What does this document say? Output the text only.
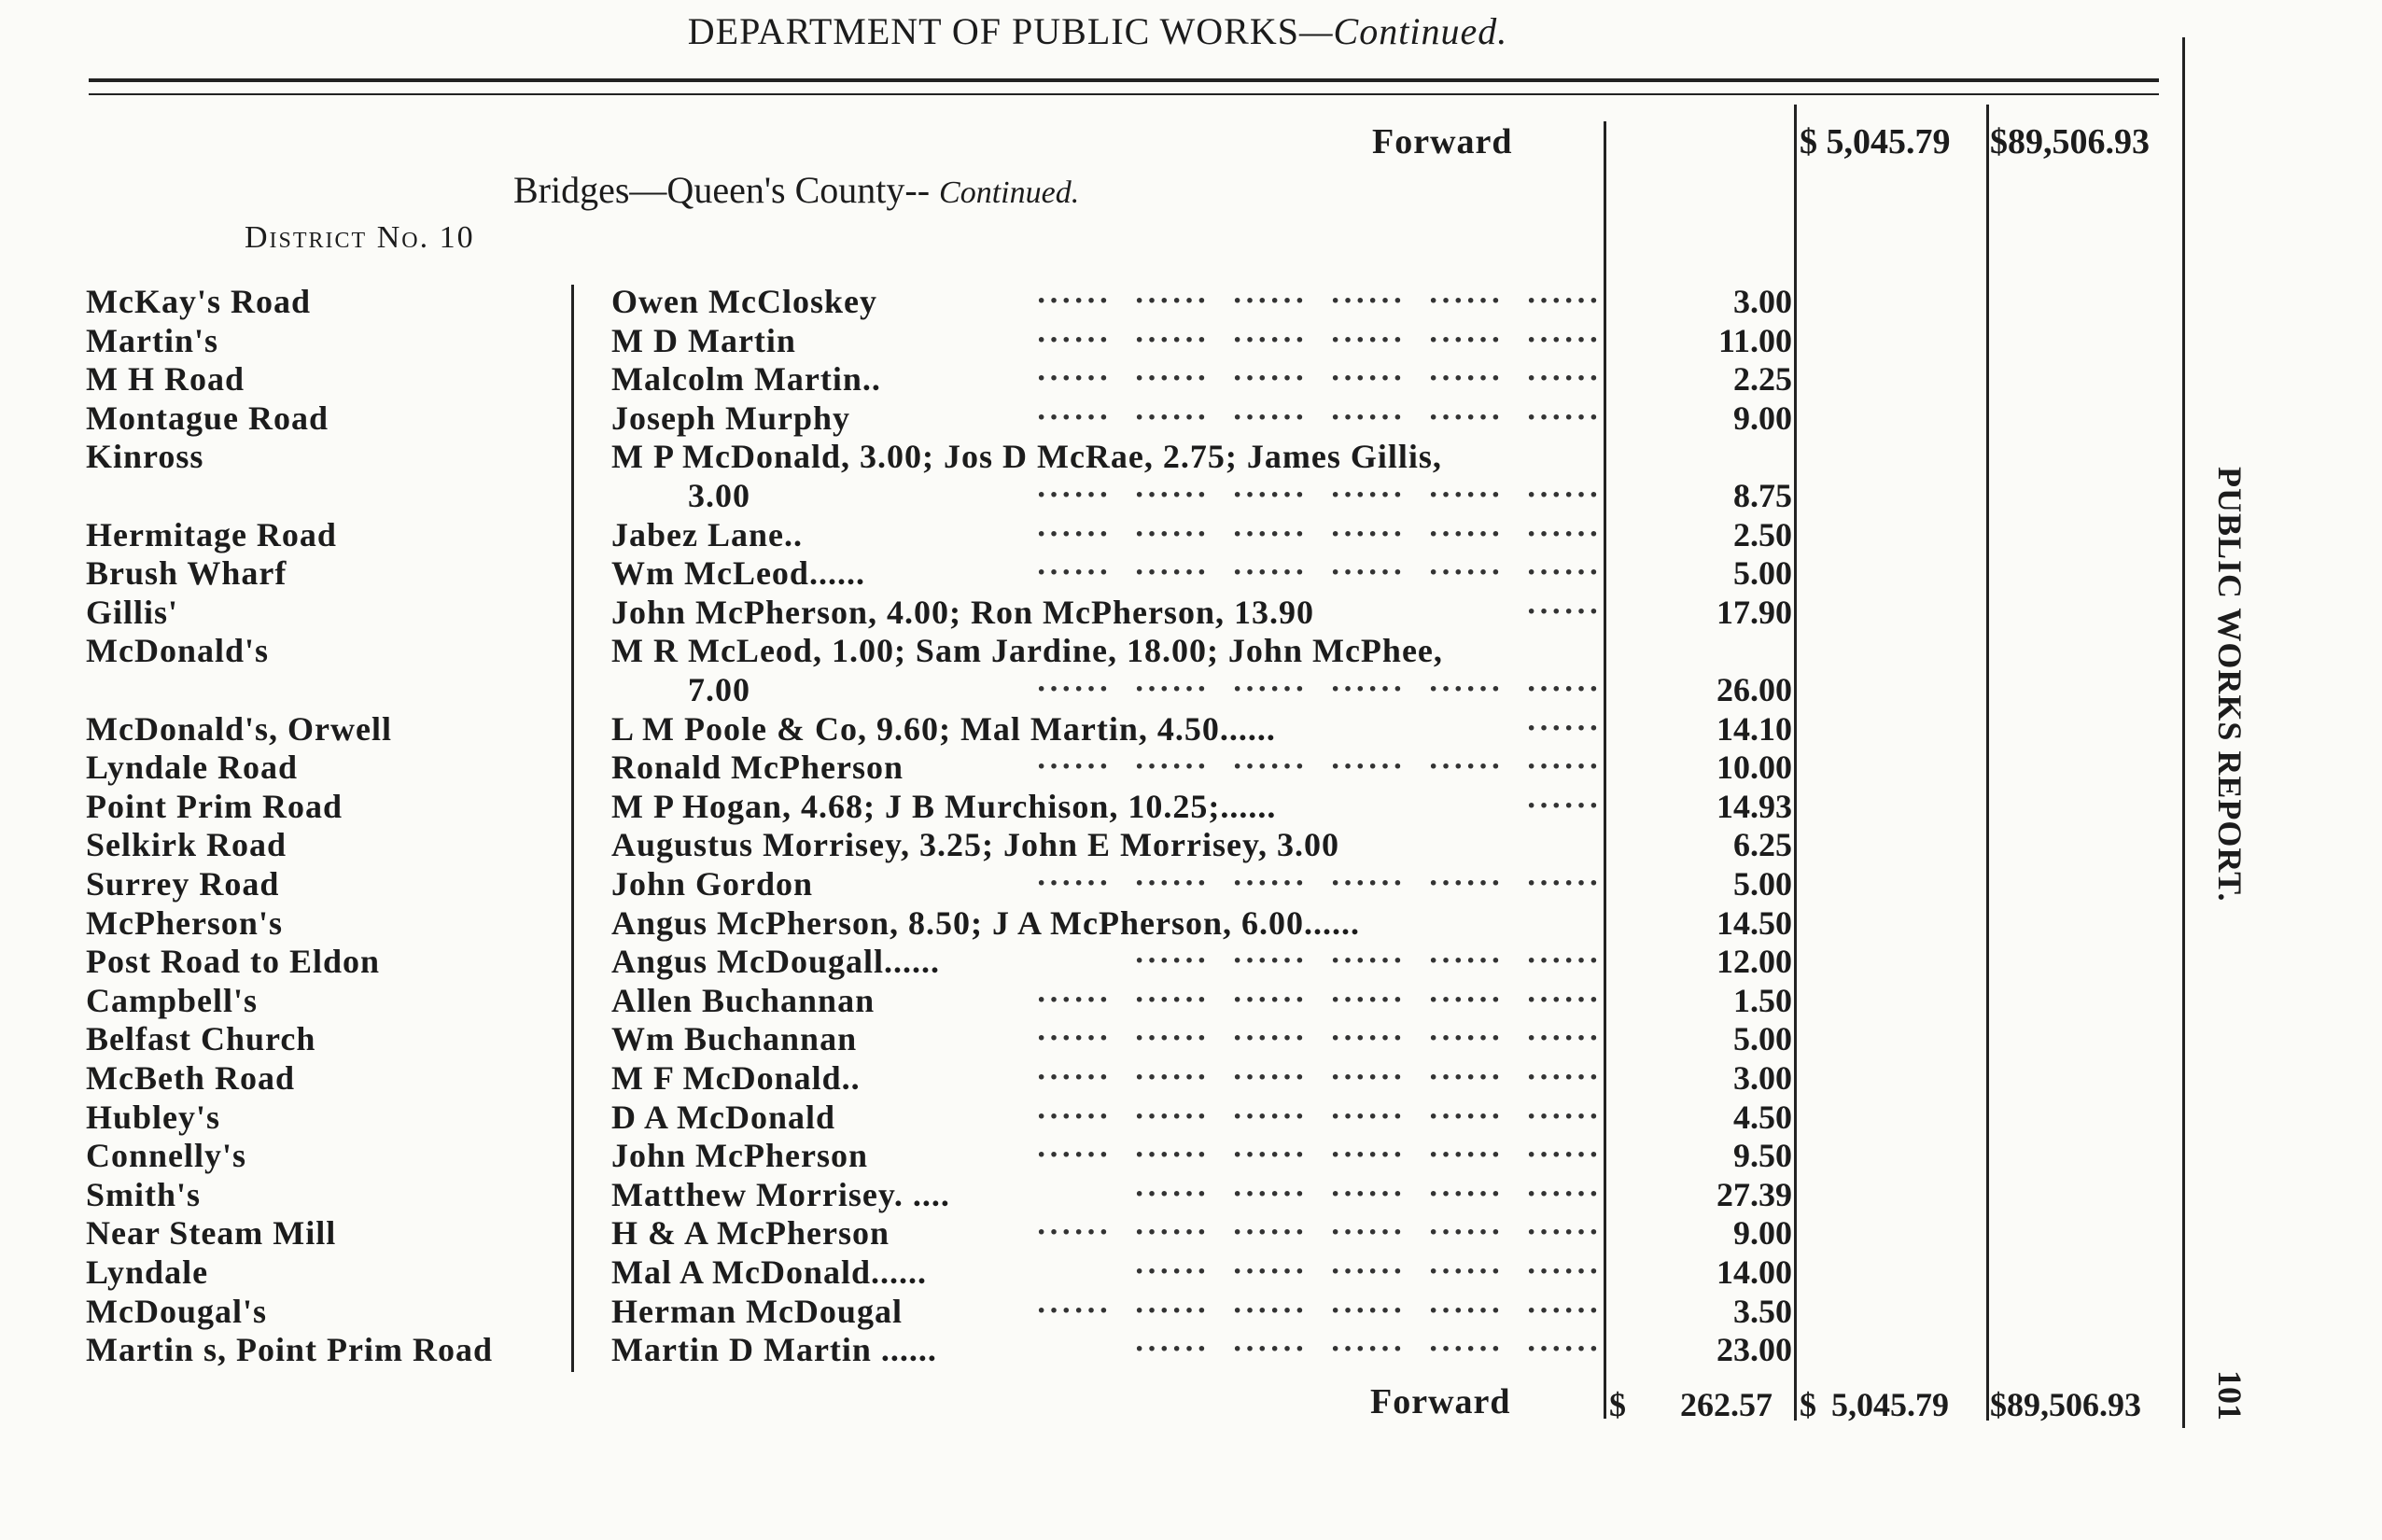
DEPARTMENT OF PUBLIC WORKS—Continued.
Forward	$ 5,045.79 $89,506.93
Bridges—Queen's County-- Continued.
District No. 10
McKay's Road	Owen McCloskey	······ ······ ······ ······ ······ ······	3.00
Martin's	M D Martin	······ ······ ······ ······ ······ ······	11.00
M H Road	Malcolm Martin..	······ ······ ······ ······ ······ ······	2.25
Montague Road	Joseph Murphy	······ ······ ······ ······ ······ ······	9.00
Kinross	M P McDonald, 3.00; Jos D McRae, 2.75; James Gillis,
3.00	······ ······ ······ ······ ······ ······	8.75
Hermitage Road	Jabez Lane..	······ ······ ······ ······ ······ ······	2.50
Brush Wharf	Wm McLeod......	······ ······ ······ ······ ······ ······	5.00
Gillis'	John McPherson, 4.00; Ron McPherson, 13.90	······	17.90
McDonald's	M R McLeod, 1.00; Sam Jardine, 18.00; John McPhee,
7.00	······ ······ ······ ······ ······ ······	26.00
McDonald's, Orwell	L M Poole & Co, 9.60; Mal Martin, 4.50......	······	14.10
Lyndale Road	Ronald McPherson	······ ······ ······ ······ ······ ······	10.00
Point Prim Road	M P Hogan, 4.68; J B Murchison, 10.25;......	······	14.93
Selkirk Road	Augustus Morrisey, 3.25; John E Morrisey, 3.00	6.25
Surrey Road	John Gordon	······ ······ ······ ······ ······ ······	5.00
McPherson's	Angus McPherson, 8.50; J A McPherson, 6.00......	14.50
Post Road to Eldon	Angus McDougall......	······ ······ ······ ······ ······	12.00
Campbell's	Allen Buchannan	······ ······ ······ ······ ······ ······	1.50
Belfast Church	Wm Buchannan	······ ······ ······ ······ ······ ······	5.00
McBeth Road	M F McDonald..	······ ······ ······ ······ ······ ······	3.00
Hubley's	D A McDonald	······ ······ ······ ······ ······ ······	4.50
Connelly's	John McPherson	······ ······ ······ ······ ······ ······	9.50
Smith's	Matthew Morrisey. ....	······ ······ ······ ······ ······	27.39
Near Steam Mill	H & A McPherson	······ ······ ······ ······ ······ ······	9.00
Lyndale	Mal A McDonald......	······ ······ ······ ······ ······	14.00
McDougal's	Herman McDougal	······ ······ ······ ······ ······ ······	3.50
Martin s, Point Prim Road	Martin D Martin ......	······ ······ ······ ······ ······	23.00
Forward	$ 262.57 $ 5,045.79 $89,506.93
PUBLIC WORKS REPORT.
101
